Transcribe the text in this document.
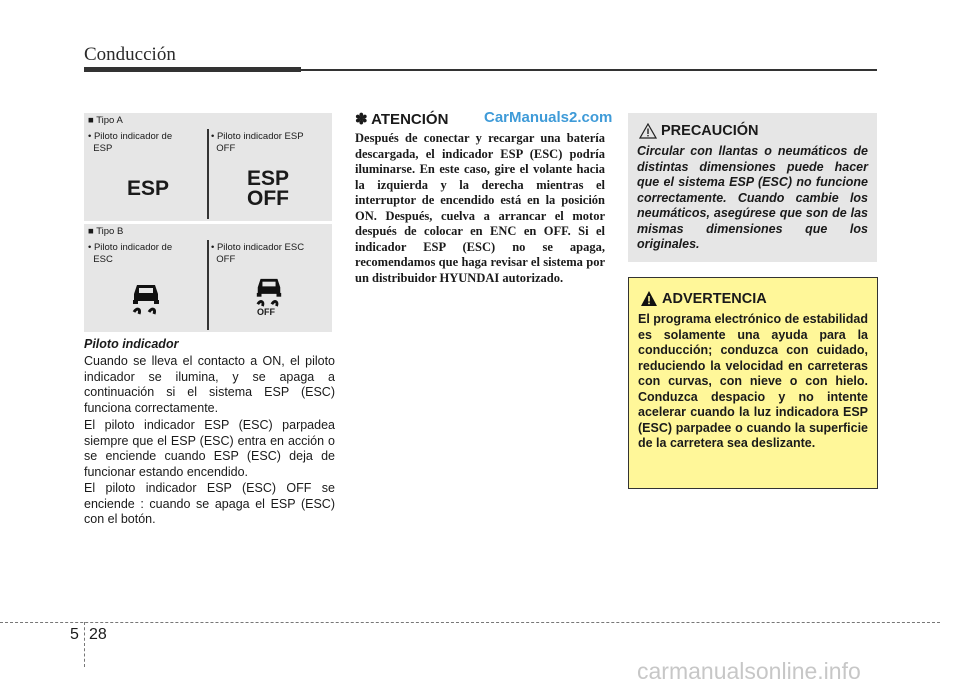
Conducción
■ Tipo A
• Piloto indicador de
ESP
• Piloto indicador ESP
OFF
ESP	ESP
OFF
■ Tipo B
• Piloto indicador de
ESC
• Piloto indicador ESC
OFF
OFF
Piloto indicador
Cuando se lleva el contacto a ON, el piloto indicador se ilumina, y se apaga a continuación si el sistema ESP (ESC) funciona correctamente.
El piloto indicador ESP (ESC) parpadea siempre que el ESP (ESC) entra en acción o se enciende cuando ESP (ESC) deja de funcionar estando encendido.
El piloto indicador ESP (ESC) OFF se enciende : cuando se apaga el ESP (ESC) con el botón.
✽ ATENCIÓN CarManuals2.com
Después de conectar y recargar una batería descargada, el indicador ESP (ESC) podría iluminarse. En este caso, gire el volante hacia la izquierda y la derecha mientras el interruptor de encendido está en la posición ON. Después, cuelva a arrancar el motor después de colocar en ENC en OFF. Si el indicador ESP (ESC) no se apaga, recomendamos que haga revisar el sistema por un distribuidor HYUNDAI autorizado.
PRECAUCIÓN
Circular con llantas o neumáticos de distintas dimensiones puede hacer que el sistema ESP (ESC) no funcione correctamente. Cuando cambie los neumáticos, asegúrese que son de las mismas dimensiones que los originales.
ADVERTENCIA
El programa electrónico de estabilidad es solamente una ayuda para la conducción; conduzca con cuidado, reduciendo la velocidad en carreteras con curvas, con nieve o con hielo. Conduzca despacio y no intente acelerar cuando la luz indicadora ESP (ESC) parpadee o cuando la superficie de la carretera sea deslizante.
5 28
carmanualsonline.info
